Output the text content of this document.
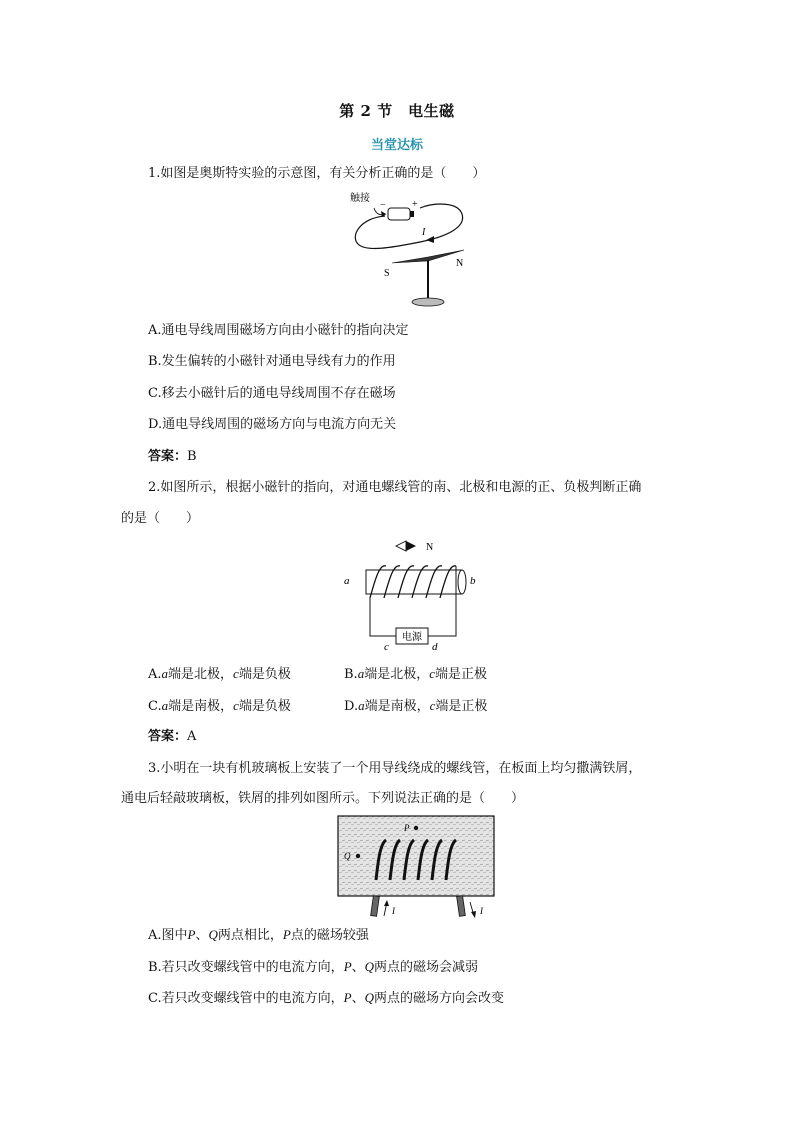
第 2 节　电生磁
当堂达标
1.如图是奥斯特实验的示意图，有关分析正确的是（　　）
触接
−	+
I
S
N
A.通电导线周围磁场方向由小磁针的指向决定
B.发生偏转的小磁针对通电导线有力的作用
C.移去小磁针后的通电导线周围不存在磁场
D.通电导线周围的磁场方向与电流方向无关
答案：B
2.如图所示，根据小磁针的指向，对通电螺线管的南、北极和电源的正、负极判断正确
的是（　　）
N
电源
a	b
c	d
A.a端是北极，c端是负极	B.a端是北极，c端是正极
C.a端是南极，c端是负极	D.a端是南极，c端是正极
答案：A
3.小明在一块有机玻璃板上安装了一个用导线绕成的螺线管，在板面上均匀撒满铁屑，
通电后轻敲玻璃板，铁屑的排列如图所示。下列说法正确的是（　　）
P
Q
I	I
A.图中P、Q两点相比，P点的磁场较强
B.若只改变螺线管中的电流方向，P、Q两点的磁场会减弱
C.若只改变螺线管中的电流方向，P、Q两点的磁场方向会改变
